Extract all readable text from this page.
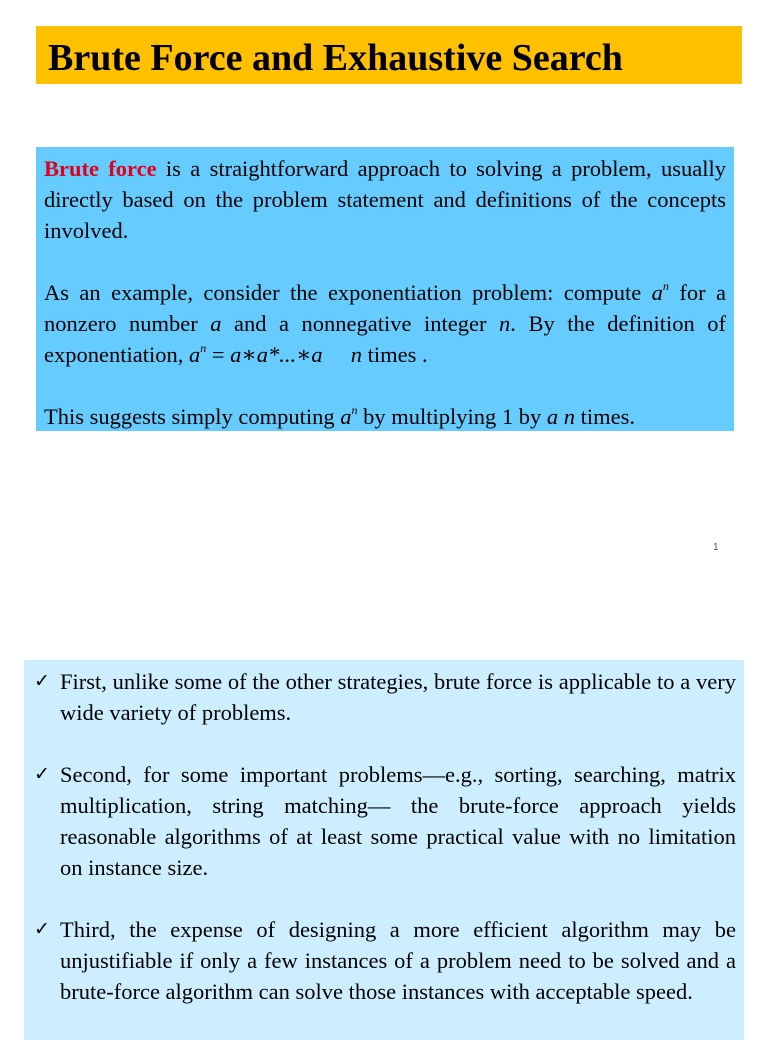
Brute Force and Exhaustive Search

Brute force is a straightforward approach to solving a problem, usually directly based on the problem statement and definitions of the concepts involved.

As an example, consider the exponentiation problem: compute $a^n$ for a nonzero number a and a nonnegative integer n. By the definition of exponentiation, $a^n$ = a∗a*...∗a n times .

This suggests simply computing $a^n$ by multiplying 1 by a n times.

1

✓ First, unlike some of the other strategies, brute force is applicable to a very wide variety of problems.

✓ Second, for some important problems—e.g., sorting, searching, matrix multiplication, string matching— the brute-force approach yields reasonable algorithms of at least some practical value with no limitation on instance size.

✓ Third, the expense of designing a more efficient algorithm may be unjustifiable if only a few instances of a problem need to be solved and a brute-force algorithm can solve those instances with acceptable speed.
